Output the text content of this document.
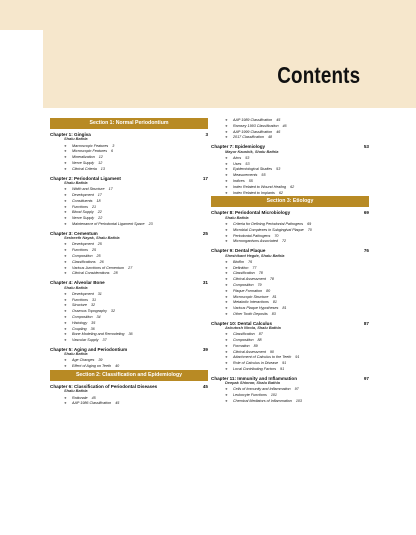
Contents
Section 1: Normal Periodontium
Chapter 1: Gingiva	3
Shalu Bathla
❖ Macroscopic Features 3
❖ Microscopic Features 6
❖ Mineralization 12
❖ Nerve Supply 12
❖ Clinical Criteria 13
Chapter 2: Periodontal Ligament	17
Shalu Bathla
❖ Width and Structure 17
❖ Development 17
❖ Constituents 18
❖ Functions 21
❖ Blood Supply 22
❖ Nerve Supply 22
❖ Maintenance of Periodontal Ligament Space 23
Chapter 3: Cementum	25
Sesheeth Nayak, Shalu Bathla
❖ Development 25
❖ Functions 25
❖ Composition 25
❖ Classifications 26
❖ Various Junctions of Cementum 27
❖ Clinical Considerations 28
Chapter 4: Alveolar Bone	31
Shalu Bathla
❖ Development 31
❖ Functions 31
❖ Structure 32
❖ Osseous Topography 32
❖ Composition 34
❖ Histology 35
❖ Coupling 36
❖ Bone Modeling and Remodeling 36
❖ Vascular Supply 37
Chapter 5: Aging and Periodontium	39
Shalu Bathla
❖ Age Changes 39
❖ Effect of Aging on Teeth 40
Section 2: Classification and Epidemiology
Chapter 6: Classification of Periodontal Diseases	45
Shalu Bathla
❖ Rationale 45
❖ AAP 1986 Classification 45
❖ AAP 1989 Classification 45
❖ Ramsey 1993 Classification 46
❖ AAP 1999 Classification 46
❖ 2017 Classification 48
Chapter 7: Epidemiology	53
Mayur Kaushik, Shalu Bathla
❖ Aims 53
❖ Uses 53
❖ Epidemiological Studies 53
❖ Measurements 55
❖ Indices 55
❖ Index Related to Wound Healing 62
❖ Index Related to Implants 62
Section 3: Etiology
Chapter 8: Periodontal Microbiology	69
Shalu Bathla
❖ Criteria for Defining Periodontal Pathogens 69
❖ Microbial Complexes in Subgingival Plaque 70
❖ Periodontal Pathogens 70
❖ Microorganisms Associated 72
Chapter 9: Dental Plaque	76
Sheshikant Hegde, Shalu Bathla
❖ Biofilm 76
❖ Definition 77
❖ Classification 78
❖ Clinical Assessment 78
❖ Composition 79
❖ Plaque Formation 80
❖ Microscopic Structure 81
❖ Metabolic Interactions 81
❖ Various Plaque Hypotheses 81
❖ Other Tooth Deposits 83
Chapter 10: Dental Calculus	87
Ashutosh Nirola, Shalu Bathla
❖ Classification 87
❖ Composition 88
❖ Formation 89
❖ Clinical Assessment 90
❖ Attachment of Calculus to the Teeth 91
❖ Role of Calculus in Disease 91
❖ Local Contributing Factors 91
Chapter 11: Immunity and Inflammation	97
Deepak Shinnar, Shalu Bathla
❖ Cells of Immunity and Inflammation 97
❖ Leukocyte Functions 101
❖ Chemical Mediators of Inflammation 103
